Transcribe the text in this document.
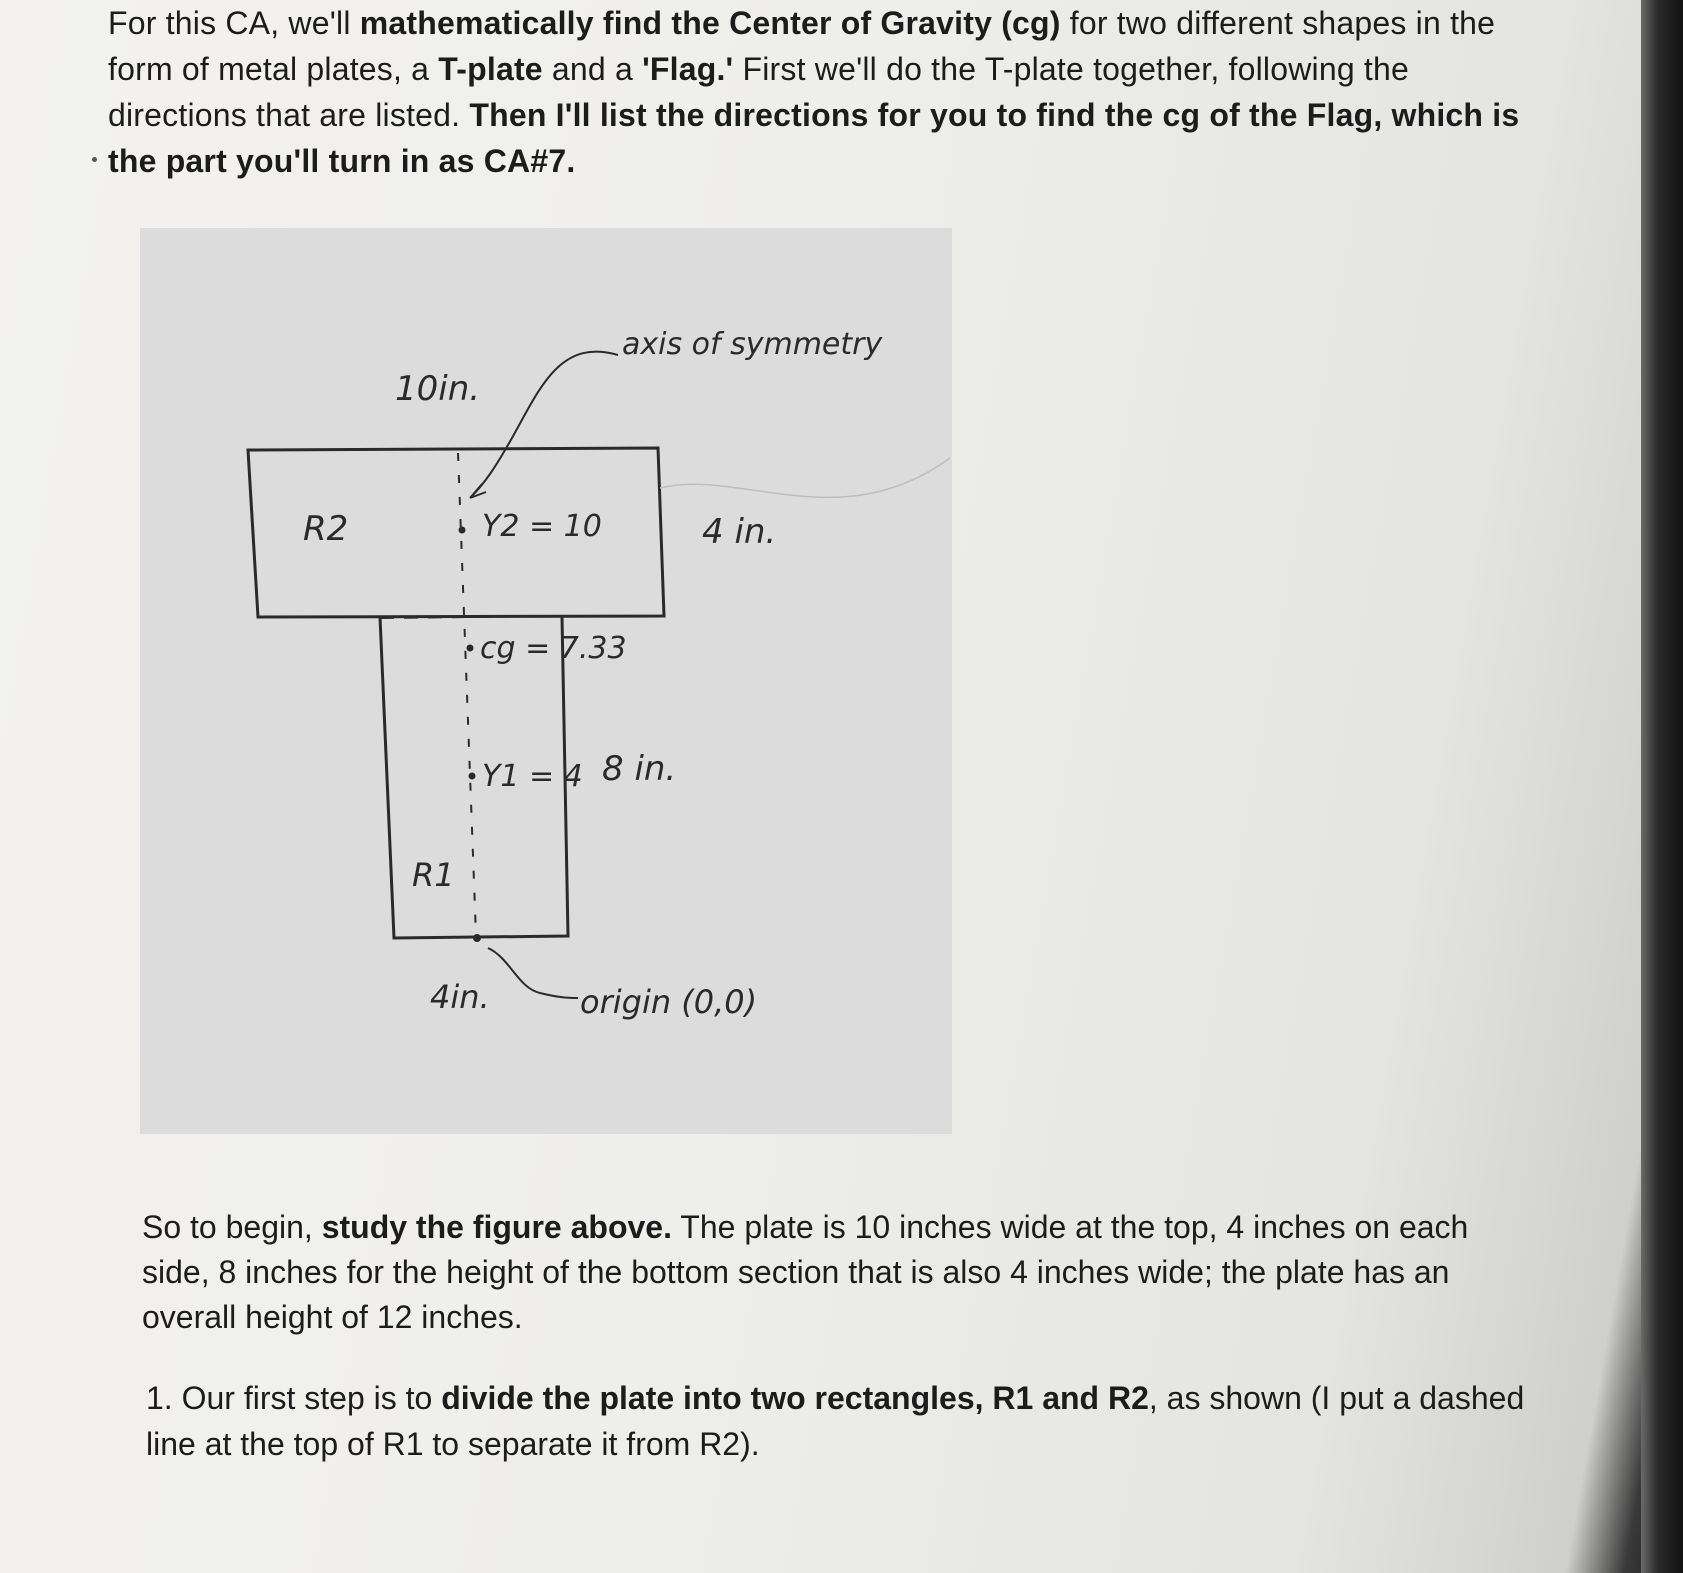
For this CA, we'll mathematically find the Center of Gravity (cg) for two different shapes in the form of metal plates, a T-plate and a 'Flag.' First we'll do the T-plate together, following the directions that are listed. Then I'll list the directions for you to find the cg of the Flag, which is the part you'll turn in as CA#7.

10in.
axis of symmetry
R2	Y2 = 10	4 in.
cg = 7.33
Y1 = 4 8 in.
R1
4in.	origin (0,0)
So to begin, study the figure above. The plate is 10 inches wide at the top, 4 inches on each side, 8 inches for the height of the bottom section that is also 4 inches wide; the plate has an overall height of 12 inches.
1. Our first step is to divide the plate into two rectangles, R1 and R2, as shown (I put a dashed line at the top of R1 to separate it from R2).
